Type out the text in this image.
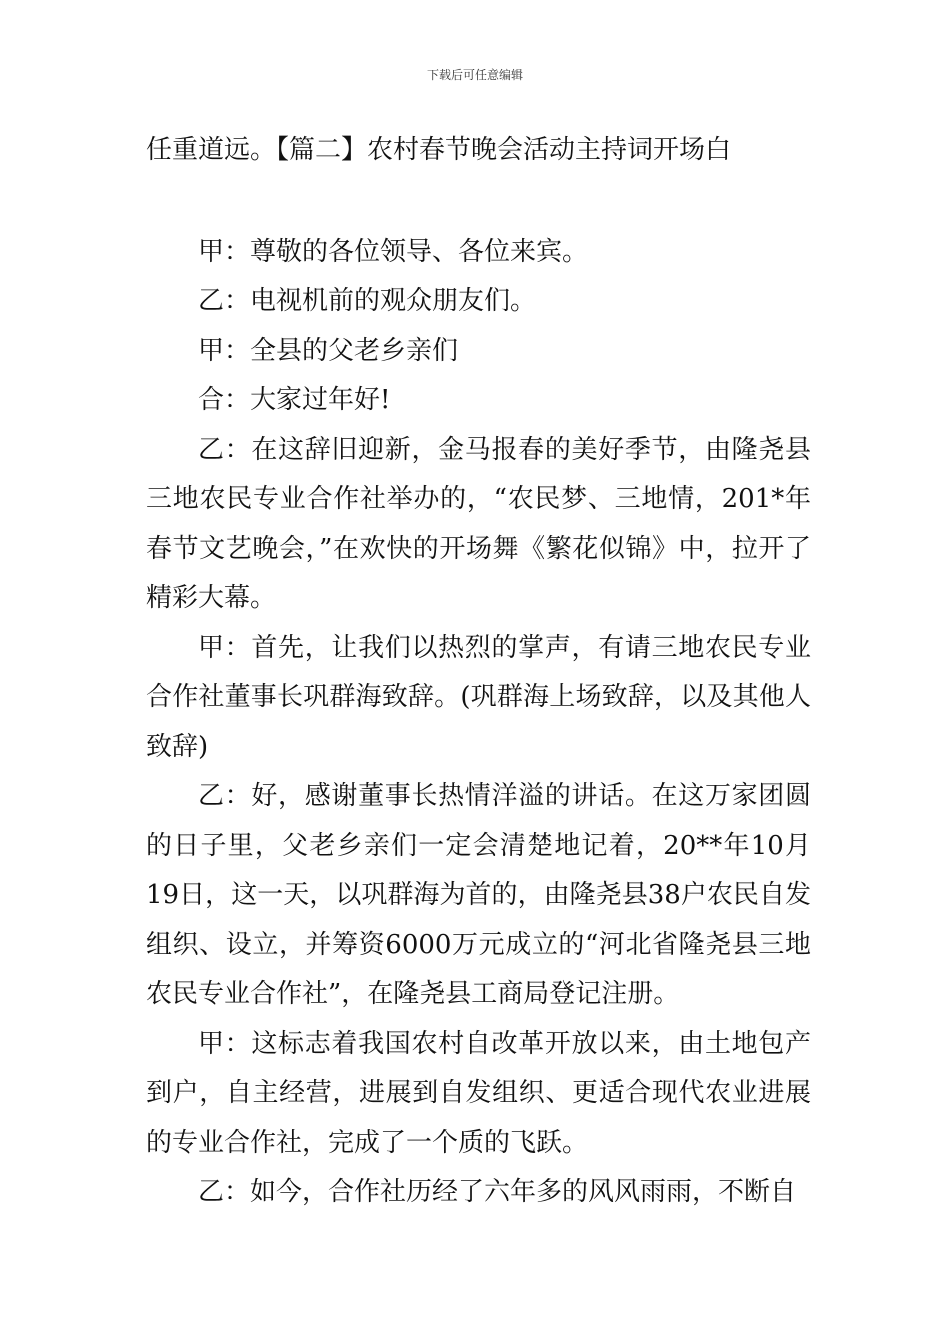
下载后可任意编辑

任重道远。【篇二】农村春节晚会活动主持词开场白

甲：尊敬的各位领导、各位来宾。

乙：电视机前的观众朋友们。

甲：全县的父老乡亲们

合：大家过年好!

乙：在这辞旧迎新，金马报春的美好季节，由隆尧县三地农民专业合作社举办的，“农民梦、三地情，201*年春节文艺晚会，”在欢快的开场舞《繁花似锦》中，拉开了精彩大幕。

甲：首先，让我们以热烈的掌声，有请三地农民专业合作社董事长巩群海致辞。(巩群海上场致辞，以及其他人致辞)

乙：好，感谢董事长热情洋溢的讲话。在这万家团圆的日子里，父老乡亲们一定会清楚地记着，20**年10月19日，这一天，以巩群海为首的，由隆尧县38户农民自发组织、设立，并筹资6000万元成立的“河北省隆尧县三地农民专业合作社”，在隆尧县工商局登记注册。

甲：这标志着我国农村自改革开放以来，由土地包产到户，自主经营，进展到自发组织、更适合现代农业进展的专业合作社，完成了一个质的飞跃。

乙：如今，合作社历经了六年多的风风雨雨，不断自
